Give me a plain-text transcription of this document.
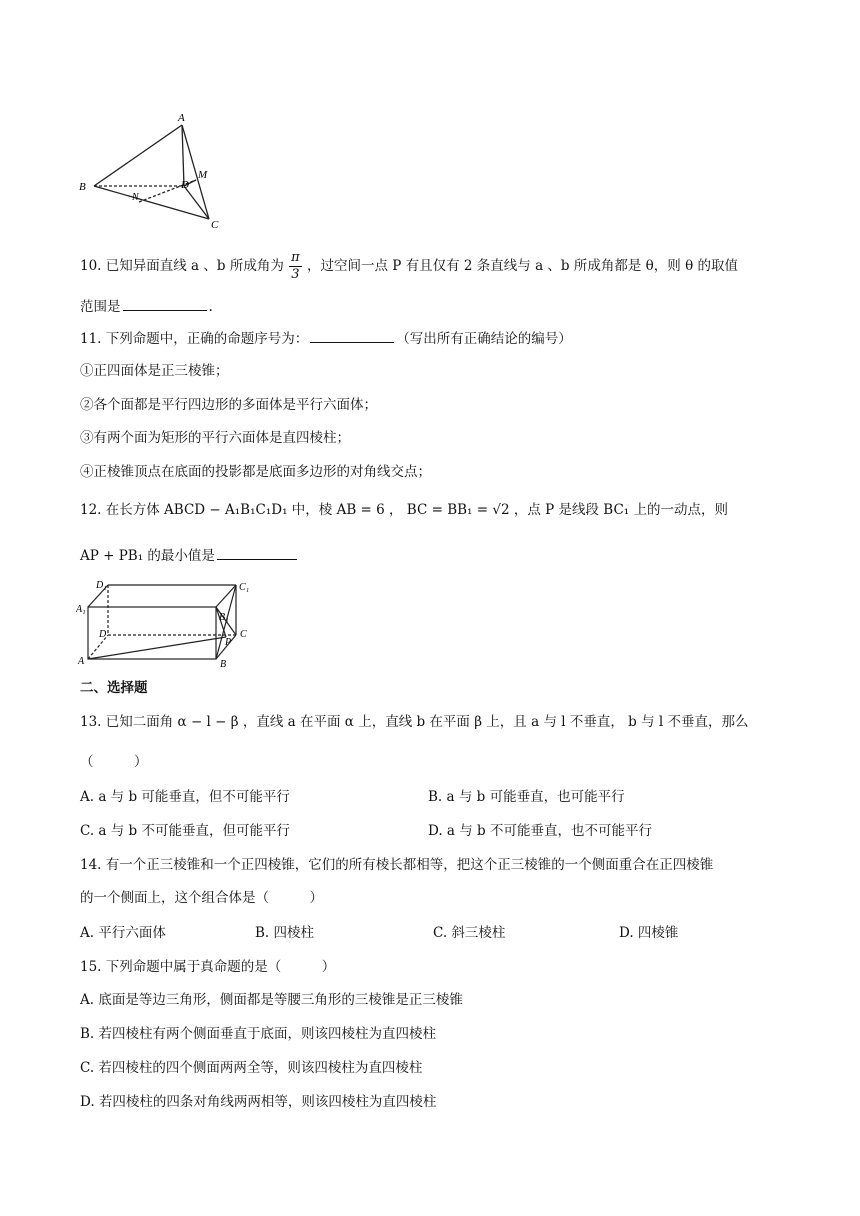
A
B
C
D
M
N
10. 已知异面直线 a 、b 所成角为 $\frac{\pi}{3}$ ，过空间一点 P 有且仅有 2 条直线与 a 、b 所成角都是 θ，则 θ 的取值
范围是	.
11. 下列命题中，正确的命题序号为：	（写出所有正确结论的编号）
①正四面体是正三棱锥；
②各个面都是平行四边形的多面体是平行六面体；
③有两个面为矩形的平行六面体是直四棱柱；
④正棱锥顶点在底面的投影都是底面多边形的对角线交点；
12. 在长方体 ABCD − A₁B₁C₁D₁ 中，棱 AB = 6 ， BC = BB₁ = √2 ，点 P 是线段 BC₁ 上的一动点，则
AP + PB₁ 的最小值是
D₁	C₁
A₁
B₁
D
P
C
A	B
二、选择题
13. 已知二面角 α − l − β ，直线 a 在平面 α 上，直线 b 在平面 β 上，且 a 与 l 不垂直， b 与 l 不垂直，那么
（　　　）
A. a 与 b 可能垂直，但不可能平行	B. a 与 b 可能垂直，也可能平行
C. a 与 b 不可能垂直，但可能平行	D. a 与 b 不可能垂直，也不可能平行
14. 有一个正三棱锥和一个正四棱锥，它们的所有棱长都相等，把这个正三棱锥的一个侧面重合在正四棱锥
的一个侧面上，这个组合体是（　　　）
A. 平行六面体	B. 四棱柱	C. 斜三棱柱	D. 四棱锥
15. 下列命题中属于真命题的是（　　　）
A. 底面是等边三角形，侧面都是等腰三角形的三棱锥是正三棱锥
B. 若四棱柱有两个侧面垂直于底面，则该四棱柱为直四棱柱
C. 若四棱柱的四个侧面两两全等，则该四棱柱为直四棱柱
D. 若四棱柱的四条对角线两两相等，则该四棱柱为直四棱柱
